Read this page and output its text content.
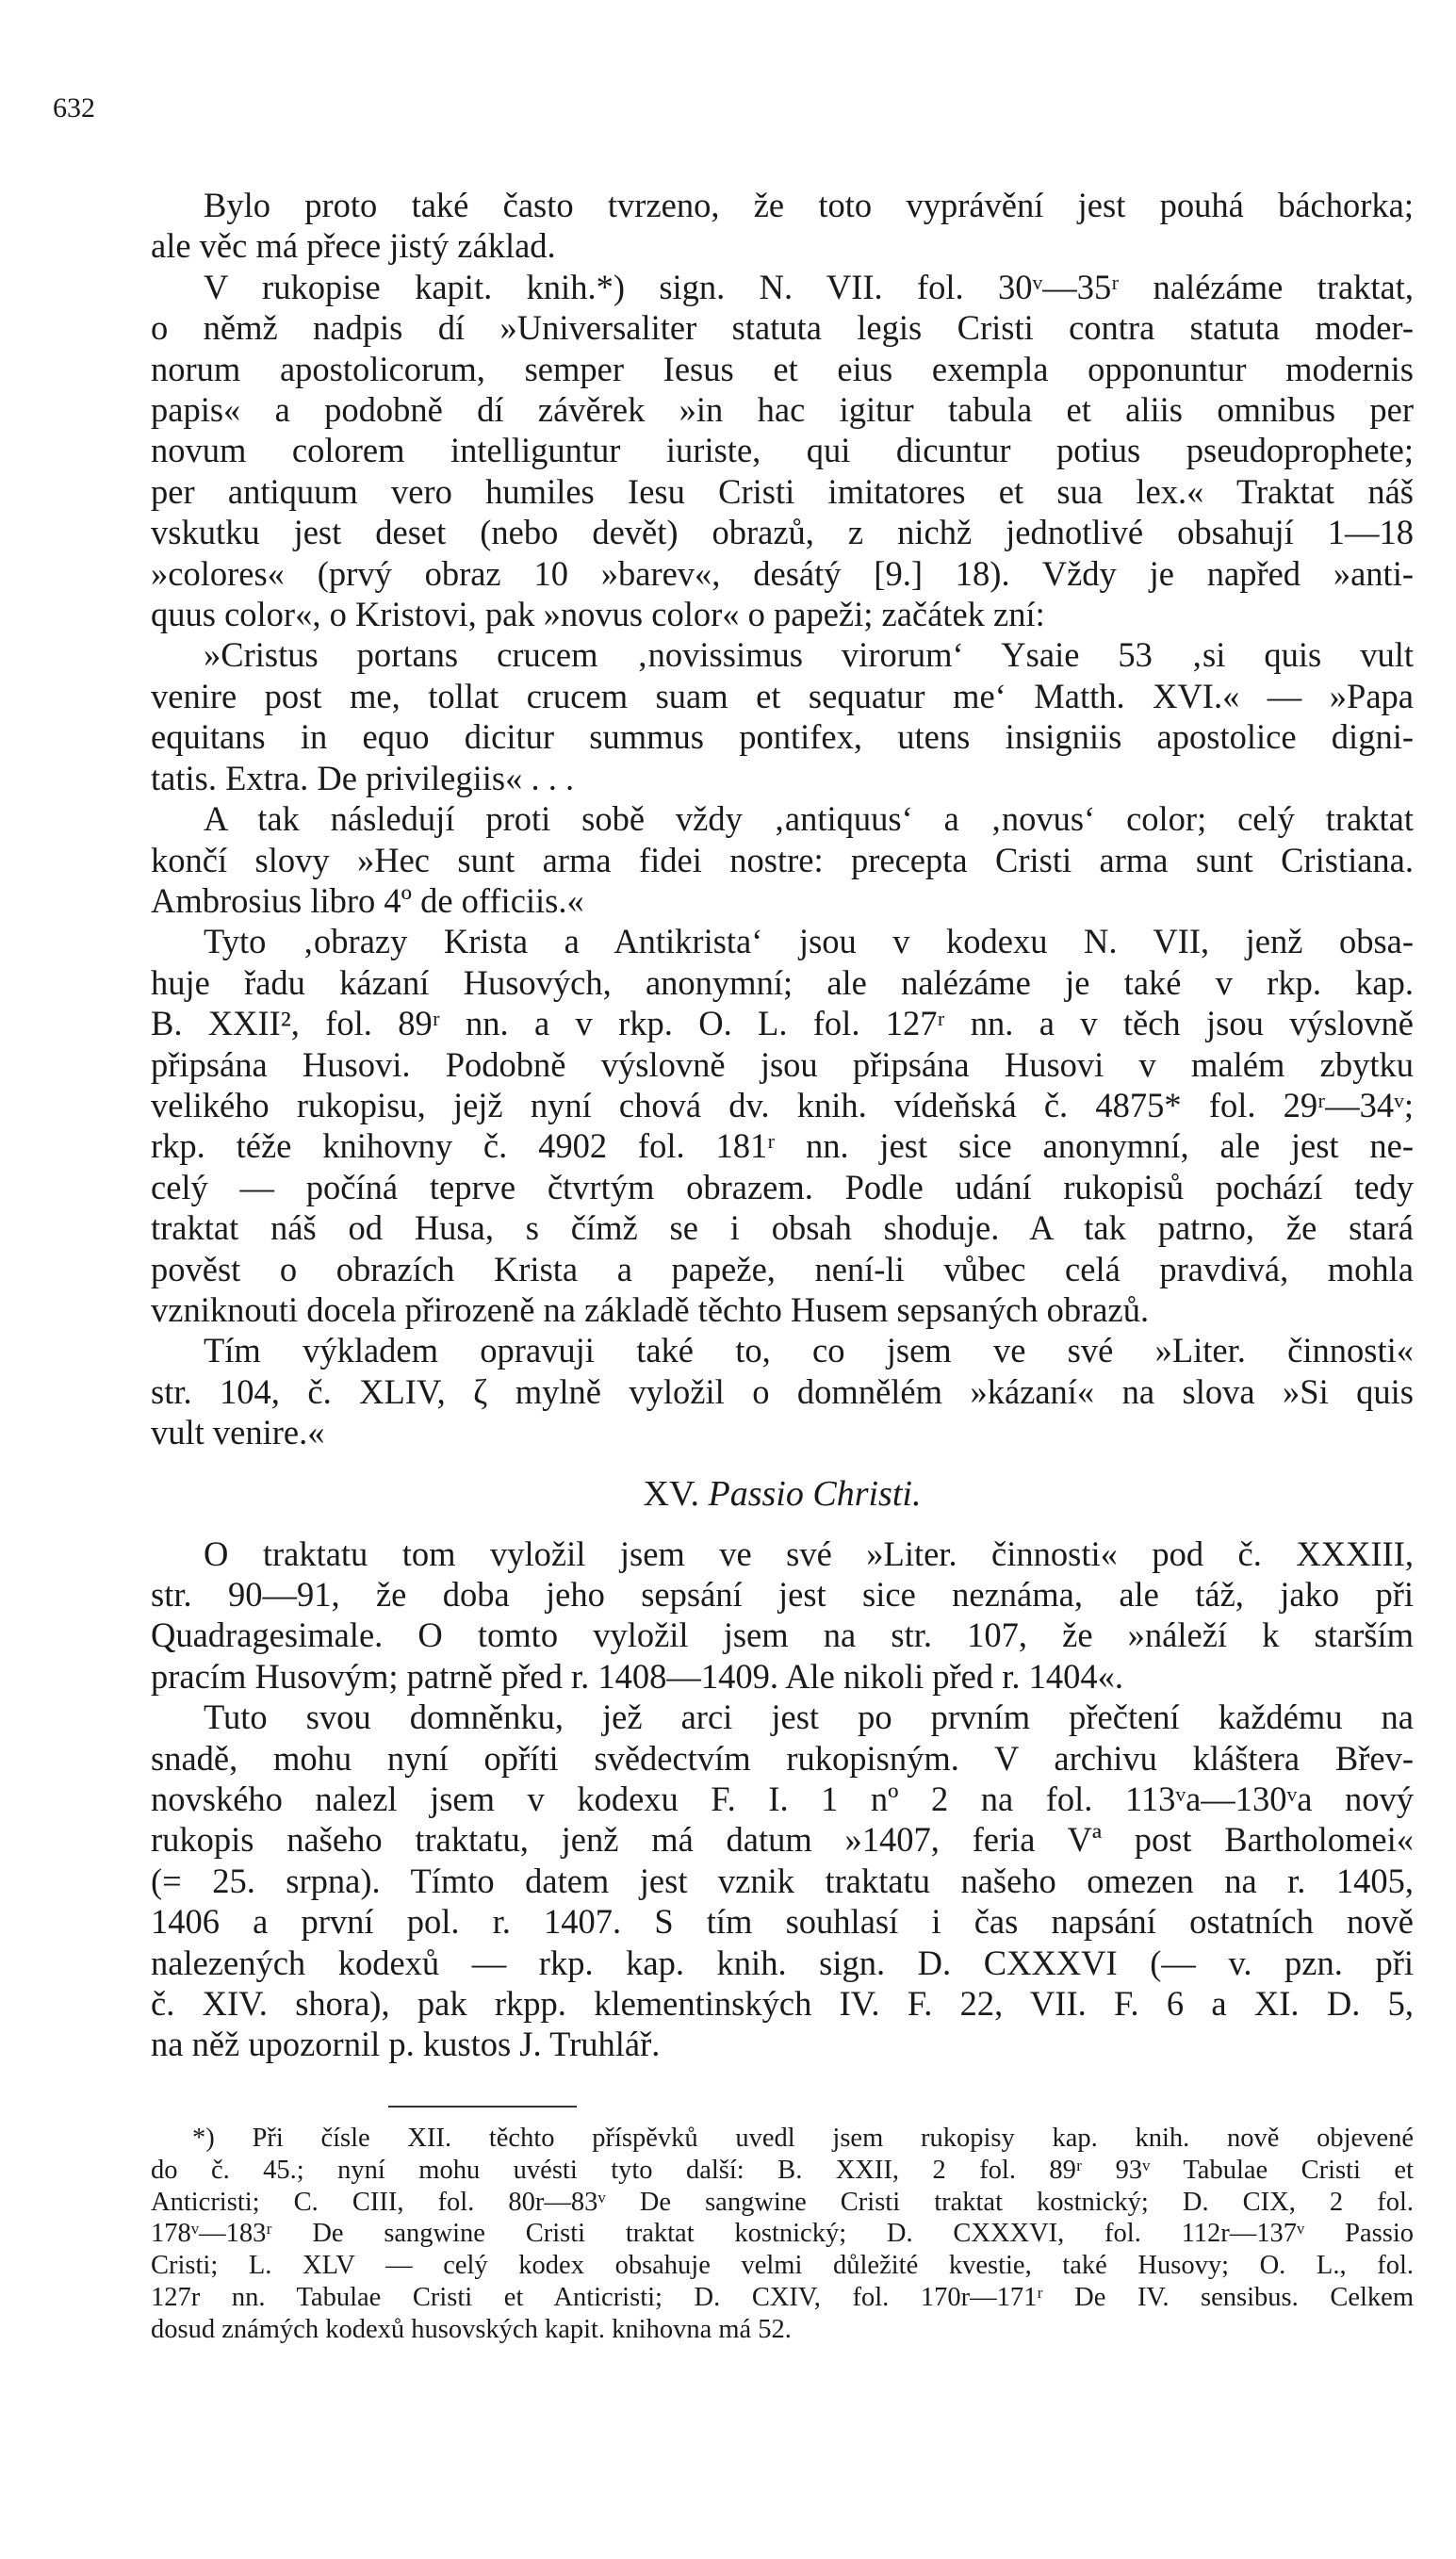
632
Bylo proto také často tvrzeno, že toto vyprávění jest pouhá báchorka;
ale věc má přece jistý základ.
V rukopise kapit. knih.*) sign. N. VII. fol. 30ᵛ—35ʳ nalézáme traktat,
o němž nadpis dí »Universaliter statuta legis Cristi contra statuta moder-
norum apostolicorum, semper Iesus et eius exempla opponuntur modernis
papis« a podobně dí závěrek »in hac igitur tabula et aliis omnibus per
novum colorem intelliguntur iuriste, qui dicuntur potius pseudoprophete;
per antiquum vero humiles Iesu Cristi imitatores et sua lex.« Traktat náš
vskutku jest deset (nebo devět) obrazů, z nichž jednotlivé obsahují 1—18
»colores« (prvý obraz 10 »barev«, desátý [9.] 18). Vždy je napřed »anti-
quus color«, o Kristovi, pak »novus color« o papeži; začátek zní:
»Cristus portans crucem ‚novissimus virorum‘ Ysaie 53 ‚si quis vult
venire post me, tollat crucem suam et sequatur me‘ Matth. XVI.« — »Papa
equitans in equo dicitur summus pontifex, utens insigniis apostolice digni-
tatis. Extra. De privilegiis« . . .
A tak následují proti sobě vždy ‚antiquus‘ a ‚novus‘ color; celý traktat
končí slovy »Hec sunt arma fidei nostre: precepta Cristi arma sunt Cristiana.
Ambrosius libro 4º de officiis.«
Tyto ‚obrazy Krista a Antikrista‘ jsou v kodexu N. VII, jenž obsa-
huje řadu kázaní Husových, anonymní; ale nalézáme je také v rkp. kap.
B. XXII², fol. 89ʳ nn. a v rkp. O. L. fol. 127ʳ nn. a v těch jsou výslovně
připsána Husovi. Podobně výslovně jsou připsána Husovi v malém zbytku
velikého rukopisu, jejž nyní chová dv. knih. vídeňská č. 4875* fol. 29ʳ—34ᵛ;
rkp. téže knihovny č. 4902 fol. 181ʳ nn. jest sice anonymní, ale jest ne-
celý — počíná teprve čtvrtým obrazem. Podle udání rukopisů pochází tedy
traktat náš od Husa, s čímž se i obsah shoduje. A tak patrno, že stará
pověst o obrazích Krista a papeže, není-li vůbec celá pravdivá, mohla
vzniknouti docela přirozeně na základě těchto Husem sepsaných obrazů.
Tím výkladem opravuji také to, co jsem ve své »Liter. činnosti«
str. 104, č. XLIV, ζ mylně vyložil o domnělém »kázaní« na slova »Si quis
vult venire.«
XV. Passio Christi.
O traktatu tom vyložil jsem ve své »Liter. činnosti« pod č. XXXIII,
str. 90—91, že doba jeho sepsání jest sice neznáma, ale táž, jako při
Quadragesimale. O tomto vyložil jsem na str. 107, že »náleží k starším
pracím Husovým; patrně před r. 1408—1409. Ale nikoli před r. 1404«.
Tuto svou domněnku, jež arci jest po prvním přečtení každému na
snadě, mohu nyní opříti svědectvím rukopisným. V archivu kláštera Břev-
novského nalezl jsem v kodexu F. I. 1 nº 2 na fol. 113ᵛa—130ᵛa nový
rukopis našeho traktatu, jenž má datum »1407, feria Vª post Bartholomei«
(= 25. srpna). Tímto datem jest vznik traktatu našeho omezen na r. 1405,
1406 a první pol. r. 1407. S tím souhlasí i čas napsání ostatních nově
nalezených kodexů — rkp. kap. knih. sign. D. CXXXVI (— v. pzn. při
č. XIV. shora), pak rkpp. klementinských IV. F. 22, VII. F. 6 a XI. D. 5,
na něž upozornil p. kustos J. Truhlář.
*) Při čísle XII. těchto příspěvků uvedl jsem rukopisy kap. knih. nově objevené
do č. 45.; nyní mohu uvésti tyto další: B. XXII, 2 fol. 89ʳ 93ᵛ Tabulae Cristi et
Anticristi; C. CIII, fol. 80r—83ᵛ De sangwine Cristi traktat kostnický; D. CIX, 2 fol.
178ᵛ—183ʳ De sangwine Cristi traktat kostnický; D. CXXXVI, fol. 112r—137ᵛ Passio
Cristi; L. XLV — celý kodex obsahuje velmi důležité kvestie, také Husovy; O. L., fol.
127r nn. Tabulae Cristi et Anticristi; D. CXIV, fol. 170r—171ʳ De IV. sensibus. Celkem
dosud známých kodexů husovských kapit. knihovna má 52.
